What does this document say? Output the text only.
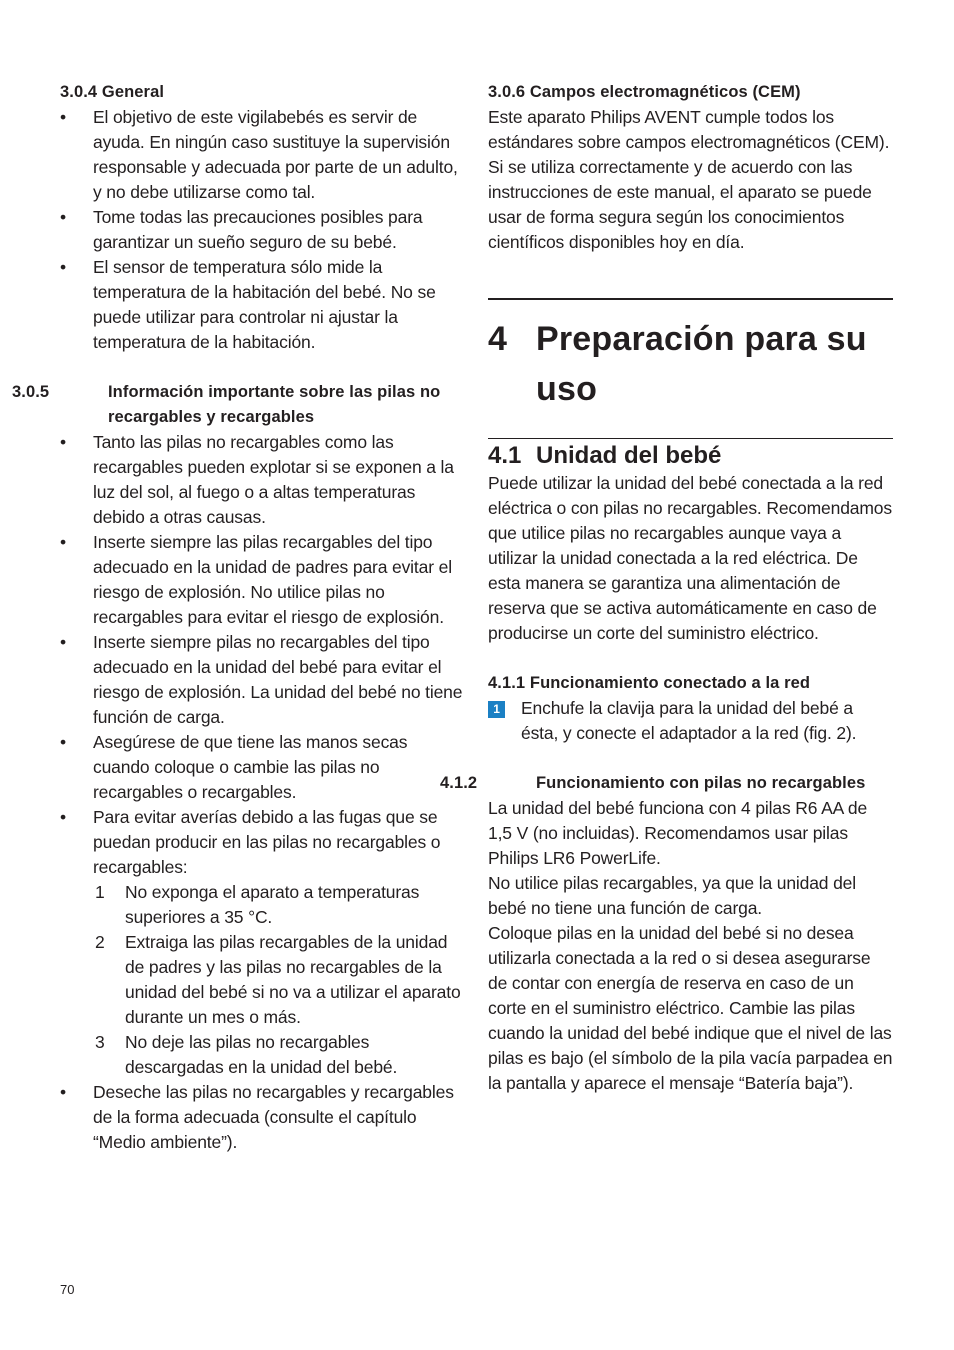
3.0.4 General
• El objetivo de este vigilabebés es servir de ayuda. En ningún caso sustituye la supervisión responsable y adecuada por parte de un adulto, y no debe utilizarse como tal.
• Tome todas las precauciones posibles para garantizar un sueño seguro de su bebé.
• El sensor de temperatura sólo mide la temperatura de la habitación del bebé. No se puede utilizar para controlar ni ajustar la temperatura de la habitación.
3.0.5	Información importante sobre las pilas no recargables y recargables
• Tanto las pilas no recargables como las recargables pueden explotar si se exponen a la luz del sol, al fuego o a altas temperaturas debido a otras causas.
• Inserte siempre las pilas recargables del tipo adecuado en la unidad de padres para evitar el riesgo de explosión. No utilice pilas no recargables para evitar el riesgo de explosión.
• Inserte siempre pilas no recargables del tipo adecuado en la unidad del bebé para evitar el riesgo de explosión. La unidad del bebé no tiene función de carga.
• Asegúrese de que tiene las manos secas cuando coloque o cambie las pilas no recargables o recargables.
• Para evitar averías debido a las fugas que se puedan producir en las pilas no recargables o recargables:
1 No exponga el aparato a temperaturas superiores a 35 °C.
2 Extraiga las pilas recargables de la unidad de padres y las pilas no recargables de la unidad del bebé si no va a utilizar el aparato durante un mes o más.
3 No deje las pilas no recargables descargadas en la unidad del bebé.
• Deseche las pilas no recargables y recargables de la forma adecuada (consulte el capítulo “Medio ambiente”).
3.0.6 Campos electromagnéticos (CEM)

Este aparato Philips AVENT cumple todos los estándares sobre campos electromagnéticos (CEM). Si se utiliza correctamente y de acuerdo con las instrucciones de este manual, el aparato se puede usar de forma segura según los conocimientos científicos disponibles hoy en día.

4 Preparación para su uso
4.1 Unidad del bebé

Puede utilizar la unidad del bebé conectada a la red eléctrica o con pilas no recargables. Recomendamos que utilice pilas no recargables aunque vaya a utilizar la unidad conectada a la red eléctrica. De esta manera se garantiza una alimentación de reserva que se activa automáticamente en caso de producirse un corte del suministro eléctrico.

4.1.1 Funcionamiento conectado a la red
1 Enchufe la clavija para la unidad del bebé a ésta, y conecte el adaptador a la red (fig. 2).
4.1.2	Funcionamiento con pilas no recargables

La unidad del bebé funciona con 4 pilas R6 AA de 1,5 V (no incluidas). Recomendamos usar pilas Philips LR6 PowerLife.

No utilice pilas recargables, ya que la unidad del bebé no tiene una función de carga.

Coloque pilas en la unidad del bebé si no desea utilizarla conectada a la red o si desea asegurarse de contar con energía de reserva en caso de un corte en el suministro eléctrico. Cambie las pilas cuando la unidad del bebé indique que el nivel de las pilas es bajo (el símbolo de la pila vacía parpadea en la pantalla y aparece el mensaje “Batería baja”).

70
